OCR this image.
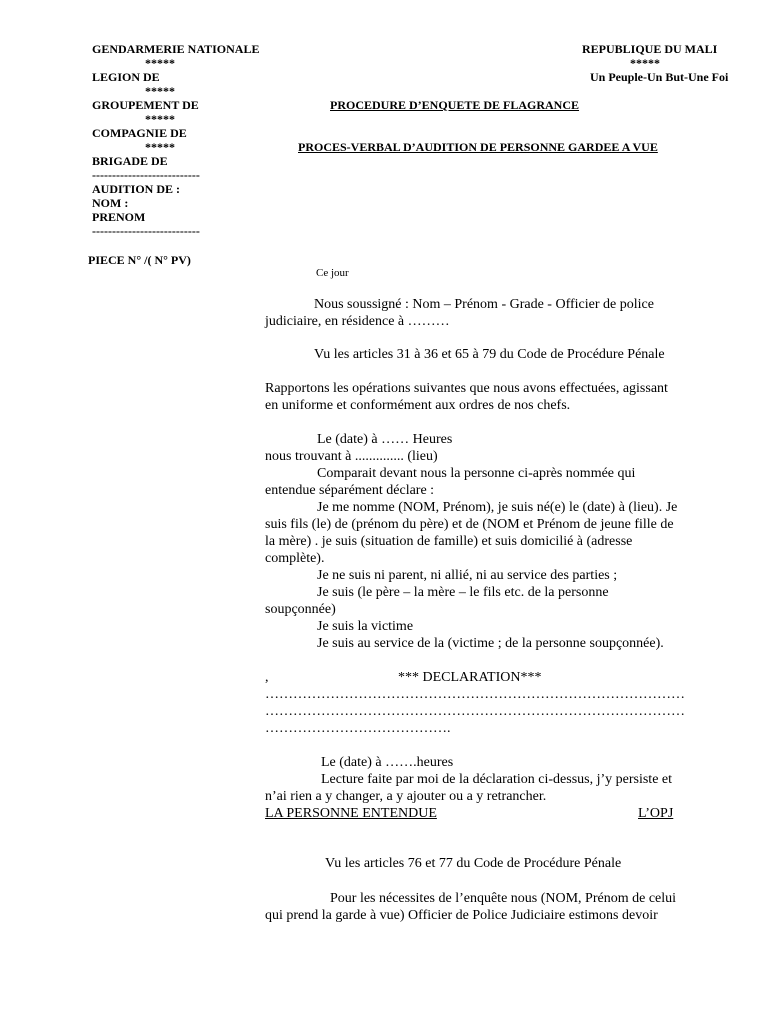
GENDARMERIE NATIONALE
*****
LEGION DE
*****
GROUPEMENT DE
*****
COMPAGNIE DE
*****
BRIGADE DE
---------------------------
AUDITION DE :
NOM :
PRENOM
---------------------------
PIECE N° /( N° PV)
REPUBLIQUE DU MALI
*****
Un Peuple-Un But-Une Foi
PROCEDURE D’ENQUETE DE FLAGRANCE
PROCES-VERBAL D’AUDITION DE PERSONNE GARDEE A VUE
Ce jour
Nous soussigné : Nom – Prénom - Grade - Officier de police
judiciaire, en résidence à ………
Vu les articles 31 à 36 et 65 à 79 du Code de Procédure Pénale
Rapportons les opérations suivantes que nous avons effectuées, agissant
en uniforme et conformément aux ordres de nos chefs.
Le (date) à …… Heures
nous trouvant à .............. (lieu)
Comparait devant nous la personne ci-après nommée qui
entendue séparément déclare :
Je me nomme (NOM, Prénom), je suis né(e) le (date) à (lieu). Je
suis fils (le) de (prénom du père) et de (NOM et Prénom de jeune fille de
la mère) . je suis (situation de famille) et suis domicilié à (adresse
complète).
Je ne suis ni parent, ni allié, ni au service des parties ;
Je suis (le père – la mère – le fils etc. de la personne
soupçonnée)
Je suis la victime
Je suis au service de la (victime ; de la personne soupçonnée).
,	*** DECLARATION***
………………………………………………………………………………
………………………………………………………………………………
………………………………….
Le (date) à …….heures
Lecture faite par moi de la déclaration ci-dessus, j’y persiste et
n’ai rien a y changer, a y ajouter ou a y retrancher.
LA PERSONNE ENTENDUE	L’OPJ
Vu les articles 76 et 77 du Code de Procédure Pénale
Pour les nécessites de l’enquête nous (NOM, Prénom de celui
qui prend la garde à vue) Officier de Police Judiciaire estimons devoir
